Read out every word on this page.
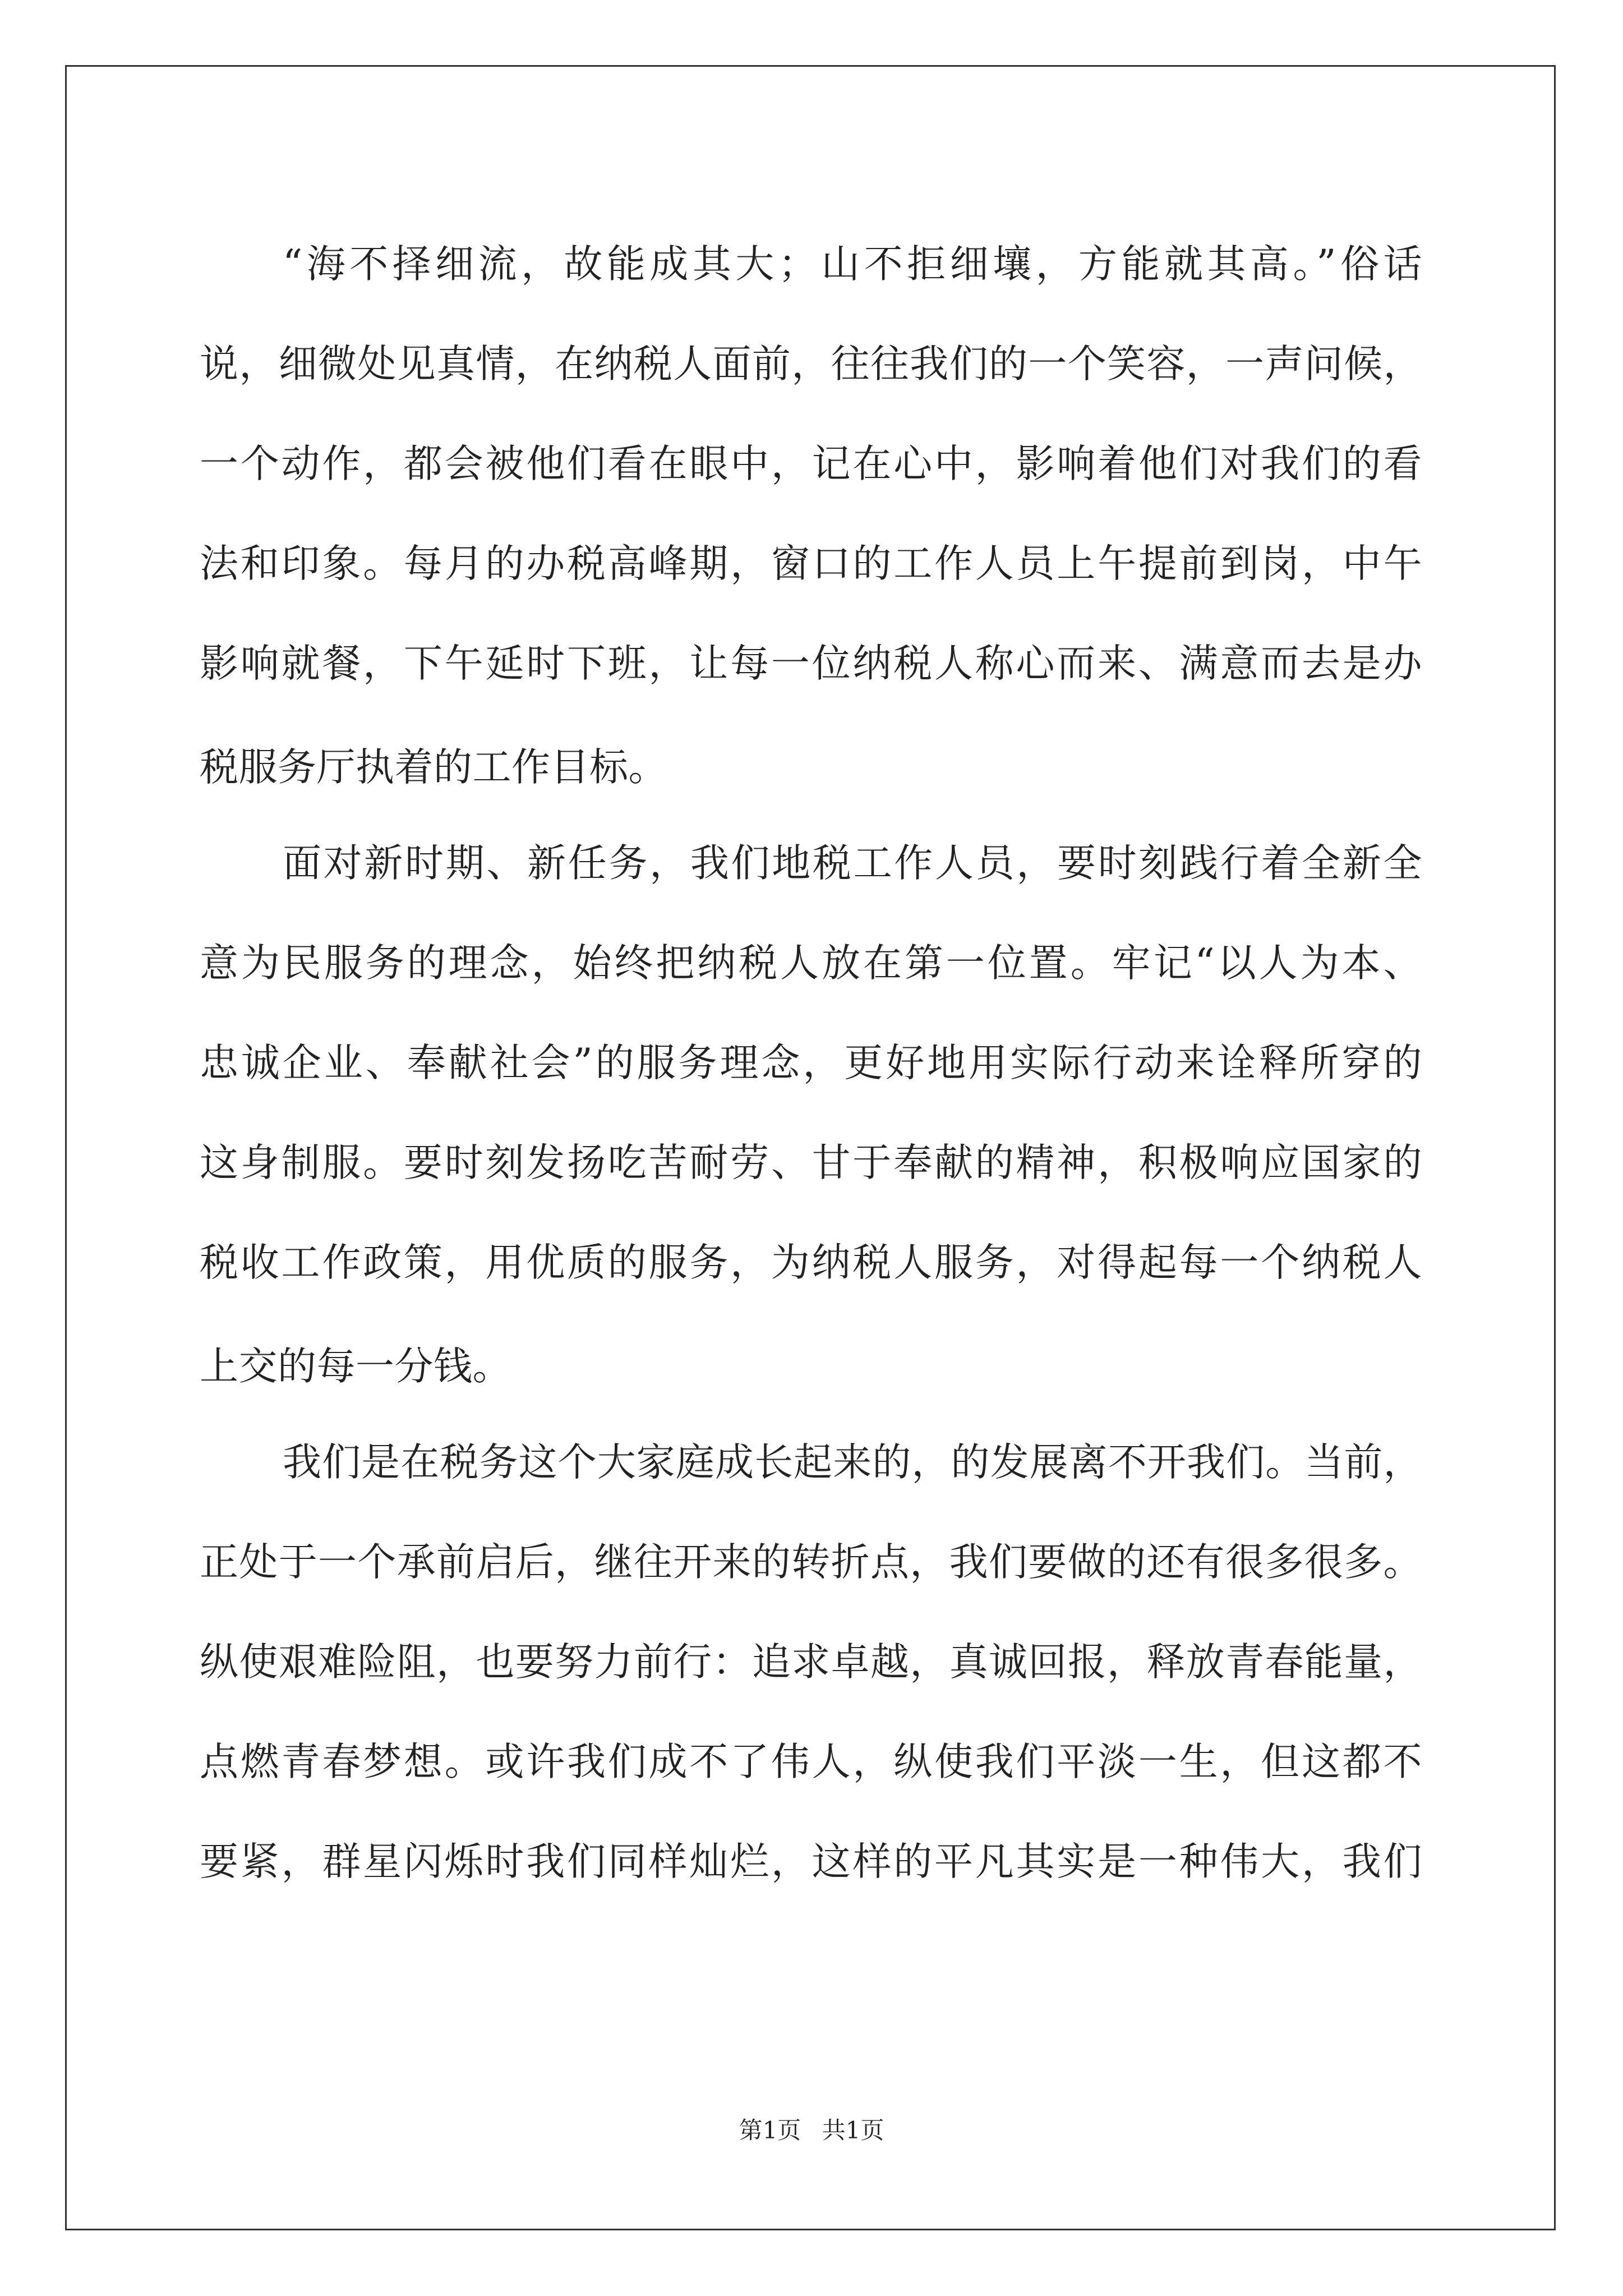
“海不择细流，故能成其大；山不拒细壤，方能就其高。”俗话
说，细微处见真情，在纳税人面前，往往我们的一个笑容，一声问候，
一个动作，都会被他们看在眼中，记在心中，影响着他们对我们的看
法和印象。每月的办税高峰期，窗口的工作人员上午提前到岗，中午
影响就餐，下午延时下班，让每一位纳税人称心而来、满意而去是办
税服务厅执着的工作目标。
面对新时期、新任务，我们地税工作人员，要时刻践行着全新全
意为民服务的理念，始终把纳税人放在第一位置。牢记“以人为本、
忠诚企业、奉献社会”的服务理念，更好地用实际行动来诠释所穿的
这身制服。要时刻发扬吃苦耐劳、甘于奉献的精神，积极响应国家的
税收工作政策，用优质的服务，为纳税人服务，对得起每一个纳税人
上交的每一分钱。
我们是在税务这个大家庭成长起来的，的发展离不开我们。当前，
正处于一个承前启后，继往开来的转折点，我们要做的还有很多很多。
纵使艰难险阻，也要努力前行：追求卓越，真诚回报，释放青春能量，
点燃青春梦想。或许我们成不了伟人，纵使我们平淡一生，但这都不
要紧，群星闪烁时我们同样灿烂，这样的平凡其实是一种伟大，我们
第1页 共1页
